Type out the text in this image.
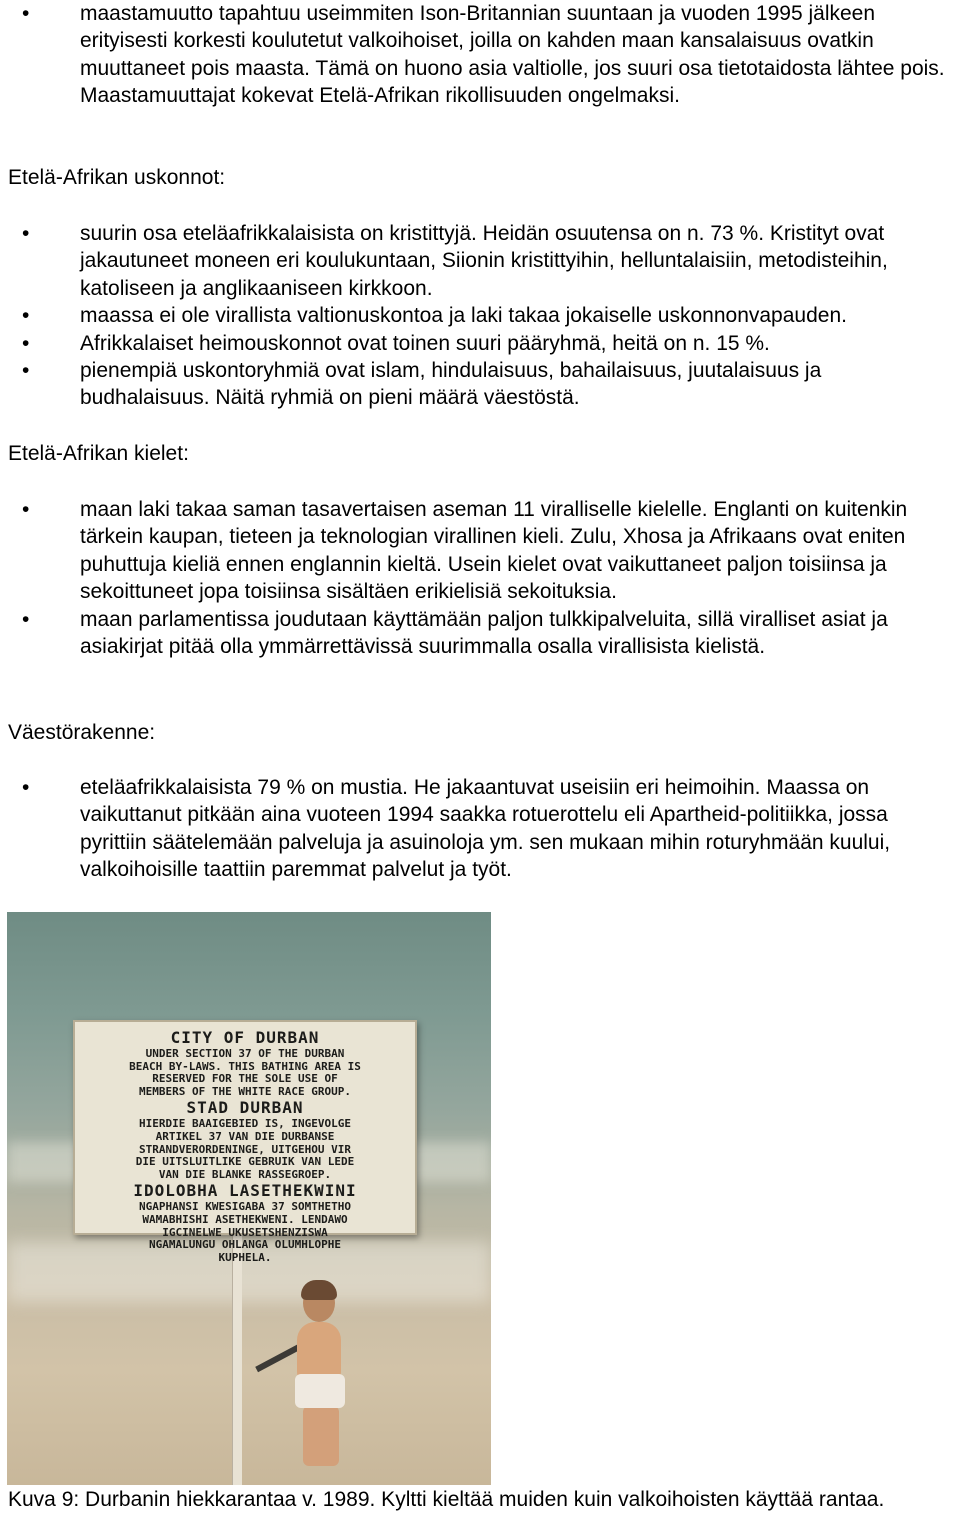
• maastamuutto tapahtuu useimmiten Ison-Britannian suuntaan ja vuoden 1995 jälkeen erityisesti korkesti koulutetut valkoihoiset, joilla on kahden maan kansalaisuus ovatkin muuttaneet pois maasta. Tämä on huono asia valtiolle, jos suuri osa tietotaidosta lähtee pois. Maastamuuttajat kokevat Etelä-Afrikan rikollisuuden ongelmaksi.

Etelä-Afrikan uskonnot:

• suurin osa eteläafrikkalaisista on kristittyjä. Heidän osuutensa on n. 73 %. Kristityt ovat jakautuneet moneen eri koulukuntaan, Siionin kristittyihin, helluntalaisiin, metodisteihin, katoliseen ja anglikaaniseen kirkkoon.
• maassa ei ole virallista valtionuskontoa ja laki takaa jokaiselle uskonnonvapauden.
• Afrikkalaiset heimouskonnot ovat toinen suuri pääryhmä, heitä on n. 15 %.
• pienempiä uskontoryhmiä ovat islam, hindulaisuus, bahailaisuus, juutalaisuus ja budhalaisuus. Näitä ryhmiä on pieni määrä väestöstä.

Etelä-Afrikan kielet:

• maan laki takaa saman tasavertaisen aseman 11 viralliselle kielelle. Englanti on kuitenkin tärkein kaupan, tieteen ja teknologian virallinen kieli. Zulu, Xhosa ja Afrikaans ovat eniten puhuttuja kieliä ennen englannin kieltä. Usein kielet ovat vaikuttaneet paljon toisiinsa ja sekoittuneet jopa toisiinsa sisältäen erikielisiä sekoituksia.
• maan parlamentissa joudutaan käyttämään paljon tulkkipalveluita, sillä viralliset asiat ja asiakirjat pitää olla ymmärrettävissä suurimmalla osalla virallisista kielistä.

Väestörakenne:

• eteläafrikkalaisista 79 % on mustia. He jakaantuvat useisiin eri heimoihin. Maassa on vaikuttanut pitkään aina vuoteen 1994 saakka rotuerottelu eli Apartheid-politiikka, jossa pyrittiin säätelemään palveluja ja asuinoloja ym. sen mukaan mihin roturyhmään kuului, valkoihoisille taattiin paremmat palvelut ja työt.

CITY OF DURBAN

UNDER SECTION 37 OF THE DURBAN

BEACH BY-LAWS. THIS BATHING AREA IS

RESERVED FOR THE SOLE USE OF

MEMBERS OF THE WHITE RACE GROUP.

STAD DURBAN

HIERDIE BAAIGEBIED IS, INGEVOLGE

ARTIKEL 37 VAN DIE DURBANSE

STRANDVERORDENINGE, UITGEHOU VIR

DIE UITSLUITLIKE GEBRUIK VAN LEDE

VAN DIE BLANKE RASSEGROEP.

IDOLOBHA LASETHEKWINI

NGAPHANSI KWESIGABA 37 SOMTHETHO

WAMABHISHI ASETHEKWENI. LENDAWO

IGCINELWE UKUSETSHENZISWA

NGAMALUNGU OHLANGA OLUMHLOPHE

KUPHELA.

Kuva 9: Durbanin hiekkarantaa v. 1989. Kyltti kieltää muiden kuin valkoihoisten käyttää rantaa.
